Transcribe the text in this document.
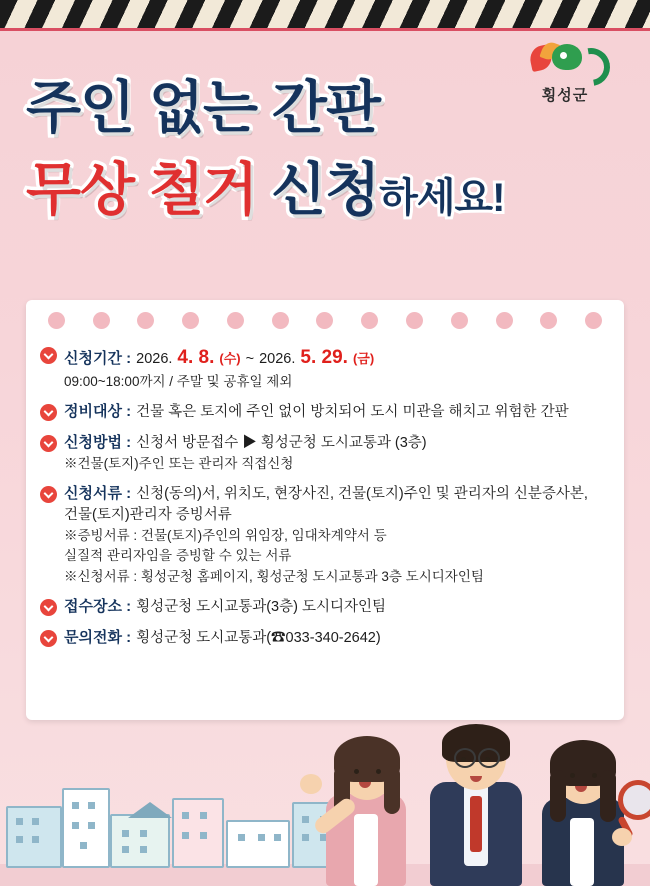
횡성군
주인 없는 간판
무상 철거 신청 하세요!
신청기간 : 2026. 4. 8. (수) ~ 2026. 5. 29. (금)
09:00~18:00까지 / 주말 및 공휴일 제외
정비대상 : 건물 혹은 토지에 주인 없이 방치되어 도시 미관을 해치고 위험한 간판
신청방법 : 신청서 방문접수 ▶ 횡성군청 도시교통과 (3층)
※건물(토지)주인 또는 관리자 직접신청
신청서류 : 신청(동의)서, 위치도, 현장사진, 건물(토지)주인 및 관리자의 신분증사본,
건물(토지)관리자 증빙서류
※증빙서류 : 건물(토지)주인의 위임장, 임대차계약서 등
실질적 관리자임을 증빙할 수 있는 서류
※신청서류 : 횡성군청 홈페이지, 횡성군청 도시교통과 3층 도시디자인팀
접수장소 : 횡성군청 도시교통과(3층) 도시디자인팀
문의전화 : 횡성군청 도시교통과(☎033-340-2642)
